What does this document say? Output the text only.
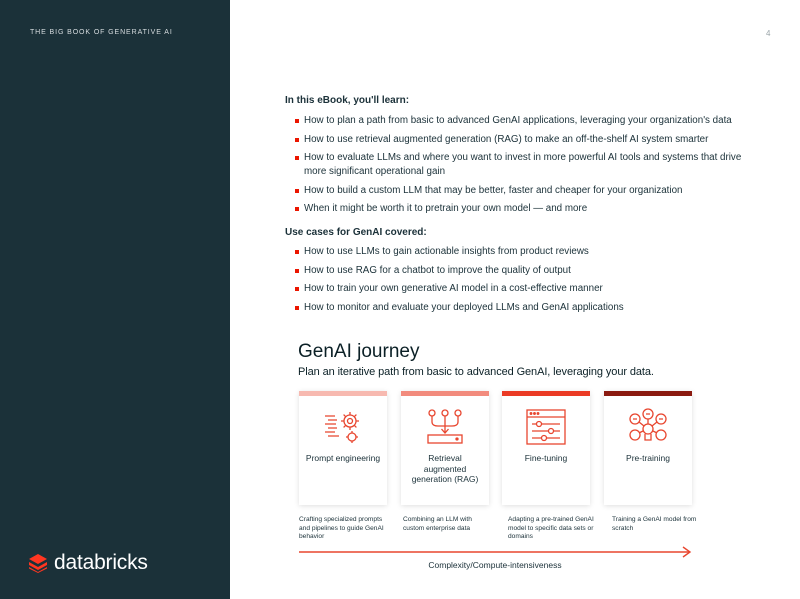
THE BIG BOOK OF GENERATIVE AI
databricks
4
In this eBook, you'll learn:
How to plan a path from basic to advanced GenAI applications, leveraging your organization's data
How to use retrieval augmented generation (RAG) to make an off-the-shelf AI system smarter
How to evaluate LLMs and where you want to invest in more powerful AI tools and systems that drive more significant operational gain
How to build a custom LLM that may be better, faster and cheaper for your organization
When it might be worth it to pretrain your own model — and more
Use cases for GenAI covered:
How to use LLMs to gain actionable insights from product reviews
How to use RAG for a chatbot to improve the quality of output
How to train your own generative AI model in a cost-effective manner
How to monitor and evaluate your deployed LLMs and GenAI applications
GenAI journey
Plan an iterative path from basic to advanced GenAI, leveraging your data.
Prompt engineering	Retrieval augmented generation (RAG)
Fine-tuning	Pre-training
Crafting specialized prompts and pipelines to guide GenAI behavior
Combining an LLM with custom enterprise data
Adapting a pre-trained GenAI model to specific data sets or domains
Training a GenAI model from scratch
Complexity/Compute-intensiveness
